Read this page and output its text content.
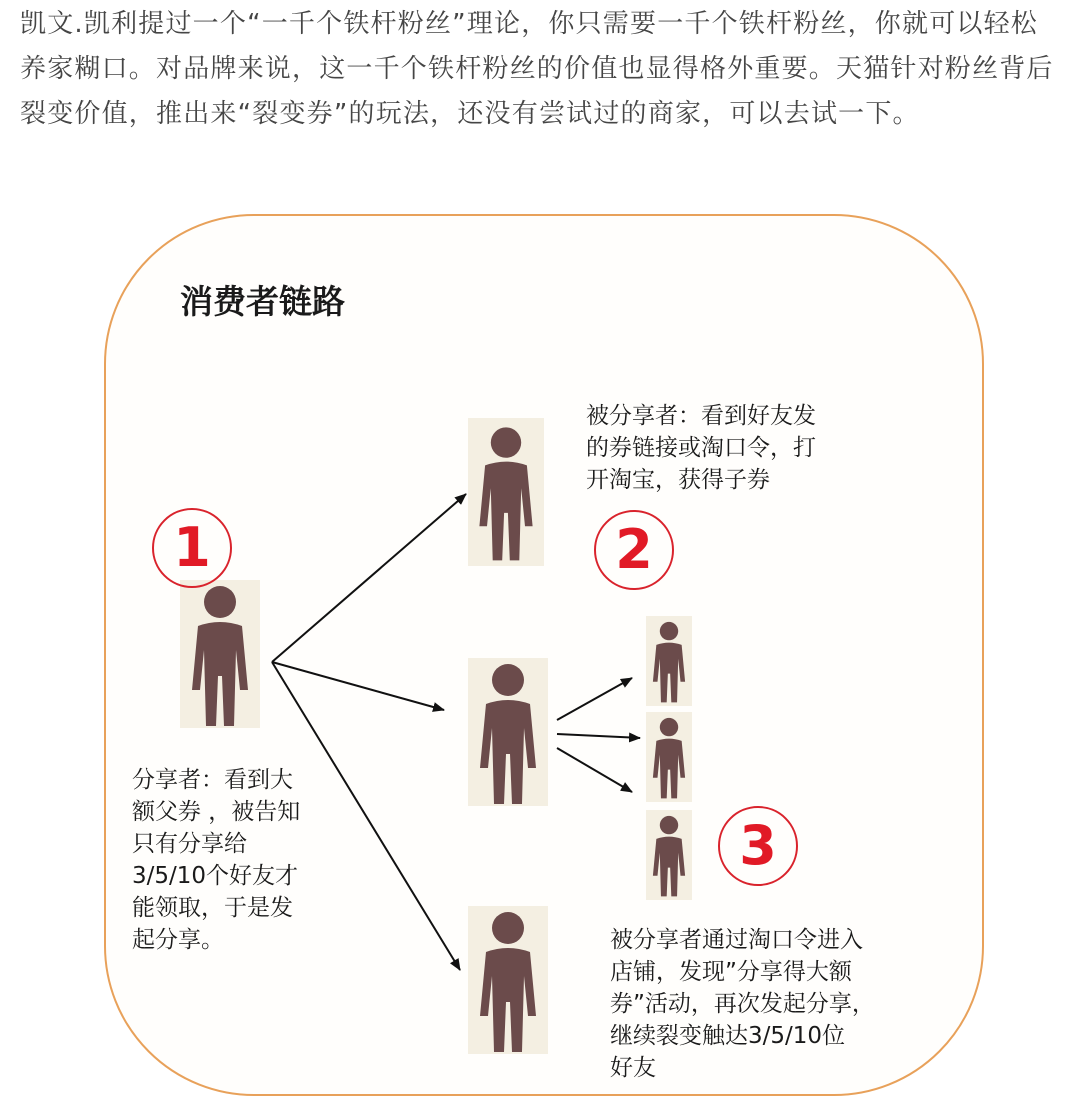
凯文.凯利提过一个“一千个铁杆粉丝”理论，你只需要一千个铁杆粉丝，你就可以轻松养家糊口。对品牌来说，这一千个铁杆粉丝的价值也显得格外重要。天猫针对粉丝背后裂变价值，推出来“裂变券”的玩法，还没有尝试过的商家，可以去试一下。
消费者链路
1	2
3
分享者：看到大
额父券 ，被告知
只有分享给
3/5/10个好友才
能领取，于是发
起分享。
被分享者：看到好友发
的券链接或淘口令，打
开淘宝，获得子券
被分享者通过淘口令进入
店铺，发现”分享得大额
券”活动，再次发起分享，
继续裂变触达3/5/10位
好友
